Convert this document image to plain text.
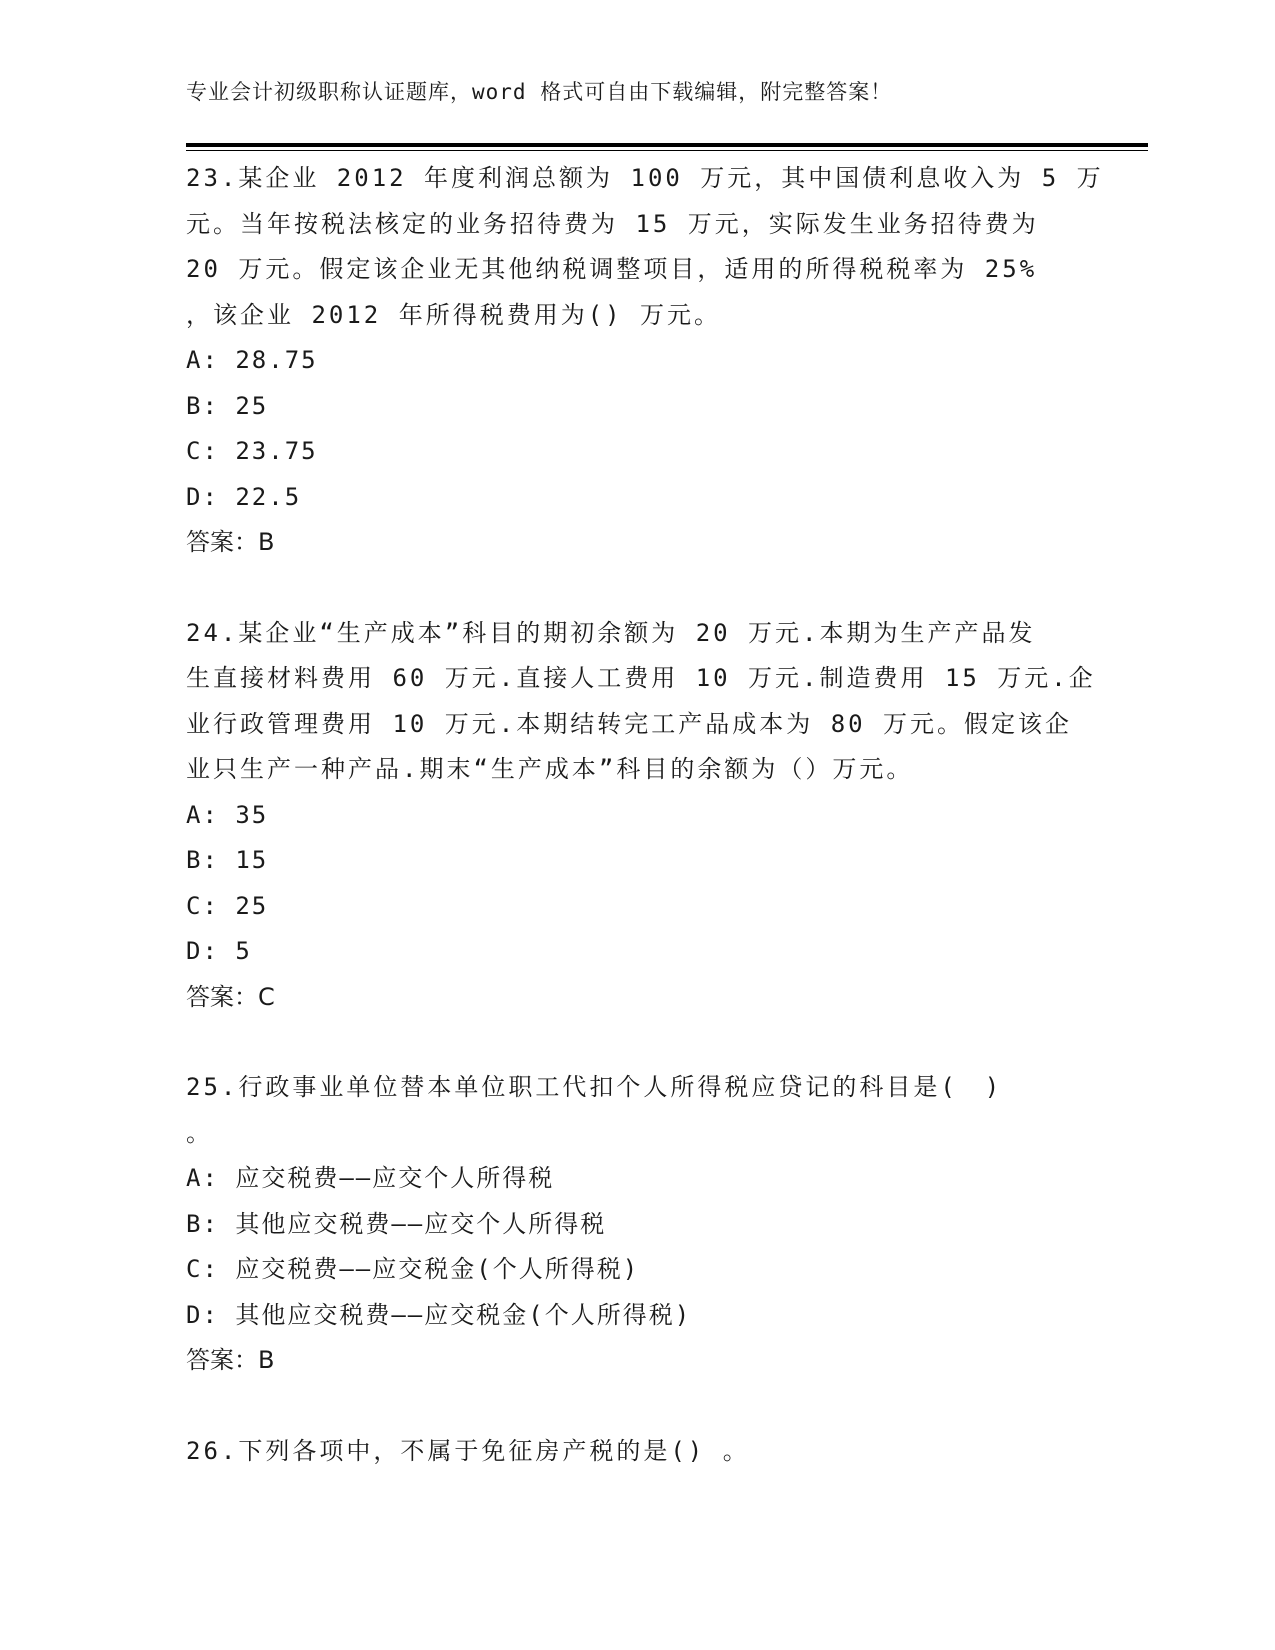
专业会计初级职称认证题库，word 格式可自由下载编辑，附完整答案！

23.某企业 2012 年度利润总额为 100 万元，其中国债利息收入为 5 万

元。当年按税法核定的业务招待费为 15 万元，实际发生业务招待费为

20 万元。假定该企业无其他纳税调整项目，适用的所得税税率为 25%

，该企业 2012 年所得税费用为() 万元。

A: 28.75

B: 25

C: 23.75

D: 22.5

答案：B

24.某企业“生产成本”科目的期初余额为 20 万元.本期为生产产品发

生直接材料费用 60 万元.直接人工费用 10 万元.制造费用 15 万元.企

业行政管理费用 10 万元.本期结转完工产品成本为 80 万元。假定该企

业只生产一种产品.期末“生产成本”科目的余额为（）万元。

A: 35

B: 15

C: 25

D: 5

答案：C

25.行政事业单位替本单位职工代扣个人所得税应贷记的科目是(　)

。

A: 应交税费——应交个人所得税

B: 其他应交税费——应交个人所得税

C: 应交税费——应交税金(个人所得税)

D: 其他应交税费——应交税金(个人所得税)

答案：B

26.下列各项中，不属于免征房产税的是() 。
